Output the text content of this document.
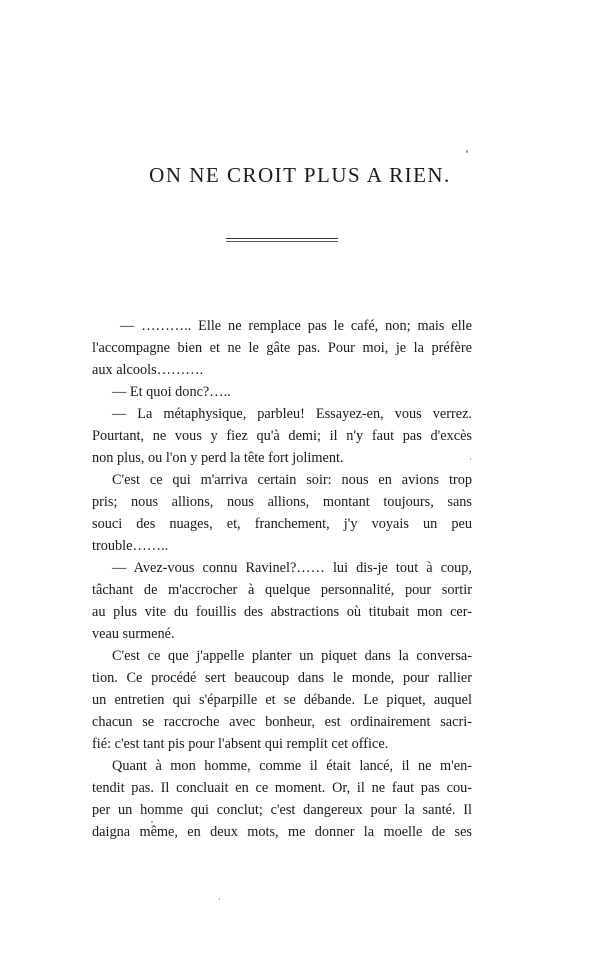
ON NE CROIT PLUS A RIEN.
— ……….. Elle ne remplace pas le café, non; mais elle
l'accompagne bien et ne le gâte pas. Pour moi, je la préfère
aux alcools……….
— Et quoi donc?…..
— La métaphysique, parbleu! Essayez-en, vous verrez.
Pourtant, ne vous y fiez qu'à demi; il n'y faut pas d'excès
non plus, ou l'on y perd la tête fort joliment.
C'est ce qui m'arriva certain soir: nous en avions trop
pris; nous allions, nous allions, montant toujours, sans
souci des nuages, et, franchement, j'y voyais un peu
trouble……..
— Avez-vous connu Ravinel?…… lui dis-je tout à coup,
tâchant de m'accrocher à quelque personnalité, pour sortir
au plus vite du fouillis des abstractions où titubait mon cer-
veau surmené.
C'est ce que j'appelle planter un piquet dans la conversa-
tion. Ce procédé sert beaucoup dans le monde, pour rallier
un entretien qui s'éparpille et se débande. Le piquet, auquel
chacun se raccroche avec bonheur, est ordinairement sacri-
fié: c'est tant pis pour l'absent qui remplit cet office.
Quant à mon homme, comme il était lancé, il ne m'en-
tendit pas. Il concluait en ce moment. Or, il ne faut pas cou-
per un homme qui conclut; c'est dangereux pour la santé. Il
daigna même, en deux mots, me donner la moelle de ses
